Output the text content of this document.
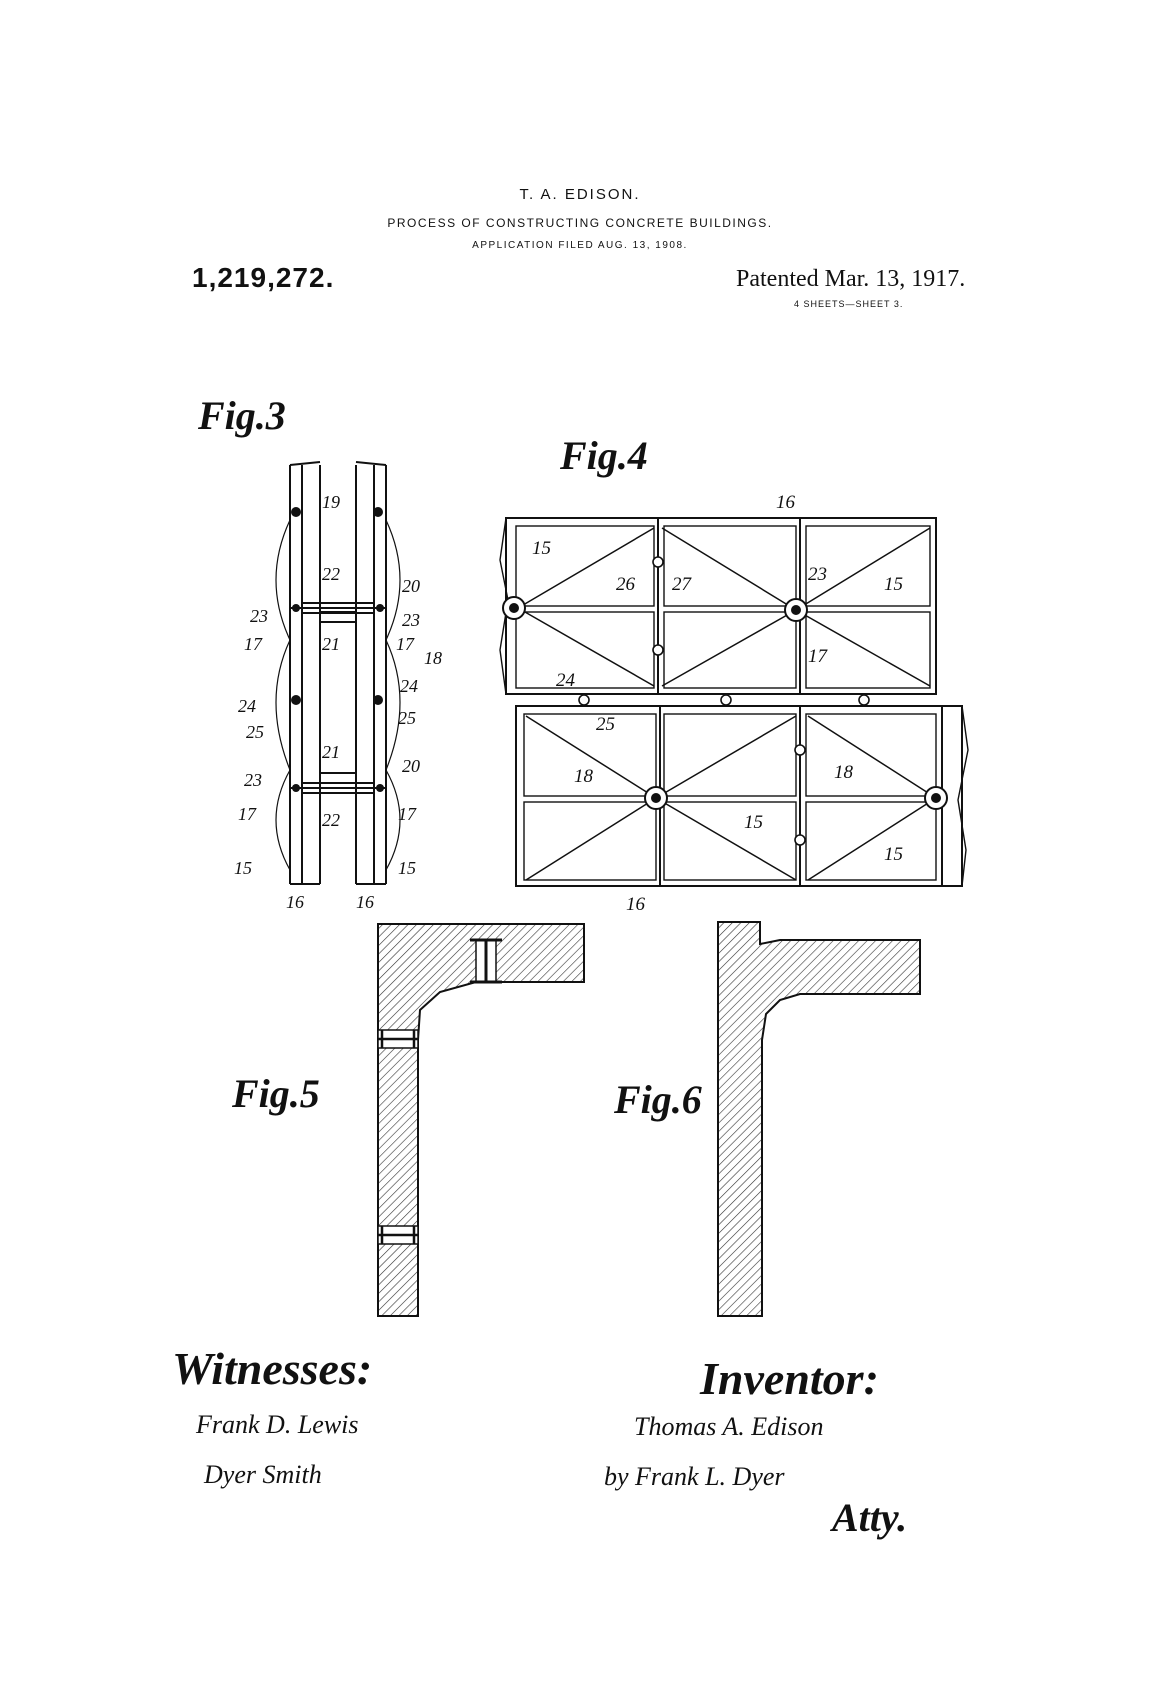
T. A. EDISON.
PROCESS OF CONSTRUCTING CONCRETE BUILDINGS.
APPLICATION FILED AUG. 13, 1908.
1,219,272.	Patented Mar. 13, 1917.
4 SHEETS—SHEET 3.
Fig.3
Fig.4
Fig.5	Fig.6
19
22
20
23	23
17	21	17
18
24
24
25
25
21
20
23
17	22	17
15	15
16	16
16
15
26 27	23	15
17
24
25
18	18
15
15
16
Witnesses:
Frank D. Lewis
Dyer Smith
Inventor:
Thomas A. Edison
by Frank L. Dyer
Atty.
